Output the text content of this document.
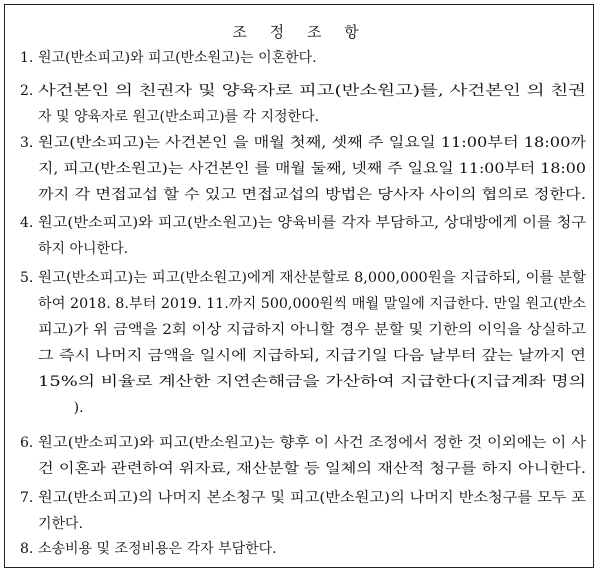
조 정 조 항
1. 원고(반소피고)와 피고(반소원고)는 이혼한다.
2. 사건본인 의 친권자 및 양육자로 피고(반소원고)를, 사건본인 의 친권
자 및 양육자로 원고(반소피고)를 각 지정한다.
3. 원고(반소피고)는 사건본인 을 매월 첫째, 셋째 주 일요일 11:00부터 18:00까
지, 피고(반소원고)는 사건본인 를 매월 둘째, 넷째 주 일요일 11:00부터 18:00
까지 각 면접교섭 할 수 있고 면접교섭의 방법은 당사자 사이의 협의로 정한다.
4. 원고(반소피고)와 피고(반소원고)는 양육비를 각자 부담하고, 상대방에게 이를 청구
하지 아니한다.
5. 원고(반소피고)는 피고(반소원고)에게 재산분할로 8,000,000원을 지급하되, 이를 분할
하여 2018. 8.부터 2019. 11.까지 500,000원씩 매월 말일에 지급한다. 만일 원고(반소
피고)가 위 금액을 2회 이상 지급하지 아니할 경우 분할 및 기한의 이익을 상실하고
그 즉시 나머지 금액을 일시에 지급하되, 지급기일 다음 날부터 갚는 날까지 연
15%의 비율로 계산한 지연손해금을 가산하여 지급한다(지급계좌 명의
).
6. 원고(반소피고)와 피고(반소원고)는 향후 이 사건 조정에서 정한 것 이외에는 이 사
건 이혼과 관련하여 위자료, 재산분할 등 일체의 재산적 청구를 하지 아니한다.
7. 원고(반소피고)의 나머지 본소청구 및 피고(반소원고)의 나머지 반소청구를 모두 포
기한다.
8. 소송비용 및 조정비용은 각자 부담한다.
